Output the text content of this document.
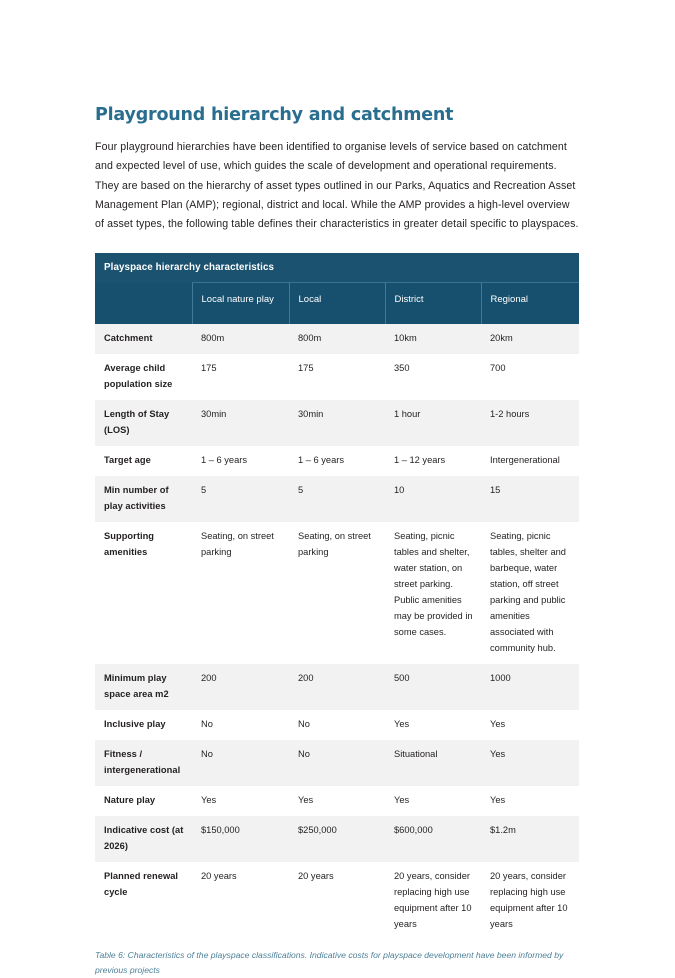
Playground hierarchy and catchment

Four playground hierarchies have been identified to organise levels of service based on catchment and expected level of use, which guides the scale of development and operational requirements. They are based on the hierarchy of asset types outlined in our Parks, Aquatics and Recreation Asset Management Plan (AMP); regional, district and local. While the AMP provides a high-level overview of asset types, the following table defines their characteristics in greater detail specific to playspaces.

Playspace hierarchy characteristics				
	Local nature play	Local	District	Regional
Catchment	800m	800m	10km	20km
Average child population size	175	175	350	700
Length of Stay (LOS)	30min	30min	1 hour	1-2 hours
Target age	1 – 6 years	1 – 6 years	1 – 12 years	Intergenerational
Min number of play activities	5	5	10	15
Supporting amenities	Seating, on street parking	Seating, on street parking	Seating, picnic tables and shelter, water station, on street parking. Public amenities may be provided in some cases.	Seating, picnic tables, shelter and barbeque, water station, off street parking and public amenities associated with community hub.
Minimum play space area m2	200	200	500	1000
Inclusive play	No	No	Yes	Yes
Fitness / intergenerational	No	No	Situational	Yes
Nature play	Yes	Yes	Yes	Yes
Indicative cost (at 2026)	$150,000	$250,000	$600,000	$1.2m
Planned renewal cycle	20 years	20 years	20 years, consider replacing high use equipment after 10 years	20 years, consider replacing high use equipment after 10 years

Table 6: Characteristics of the playspace classifications. Indicative costs for playspace development have been informed by previous projects
